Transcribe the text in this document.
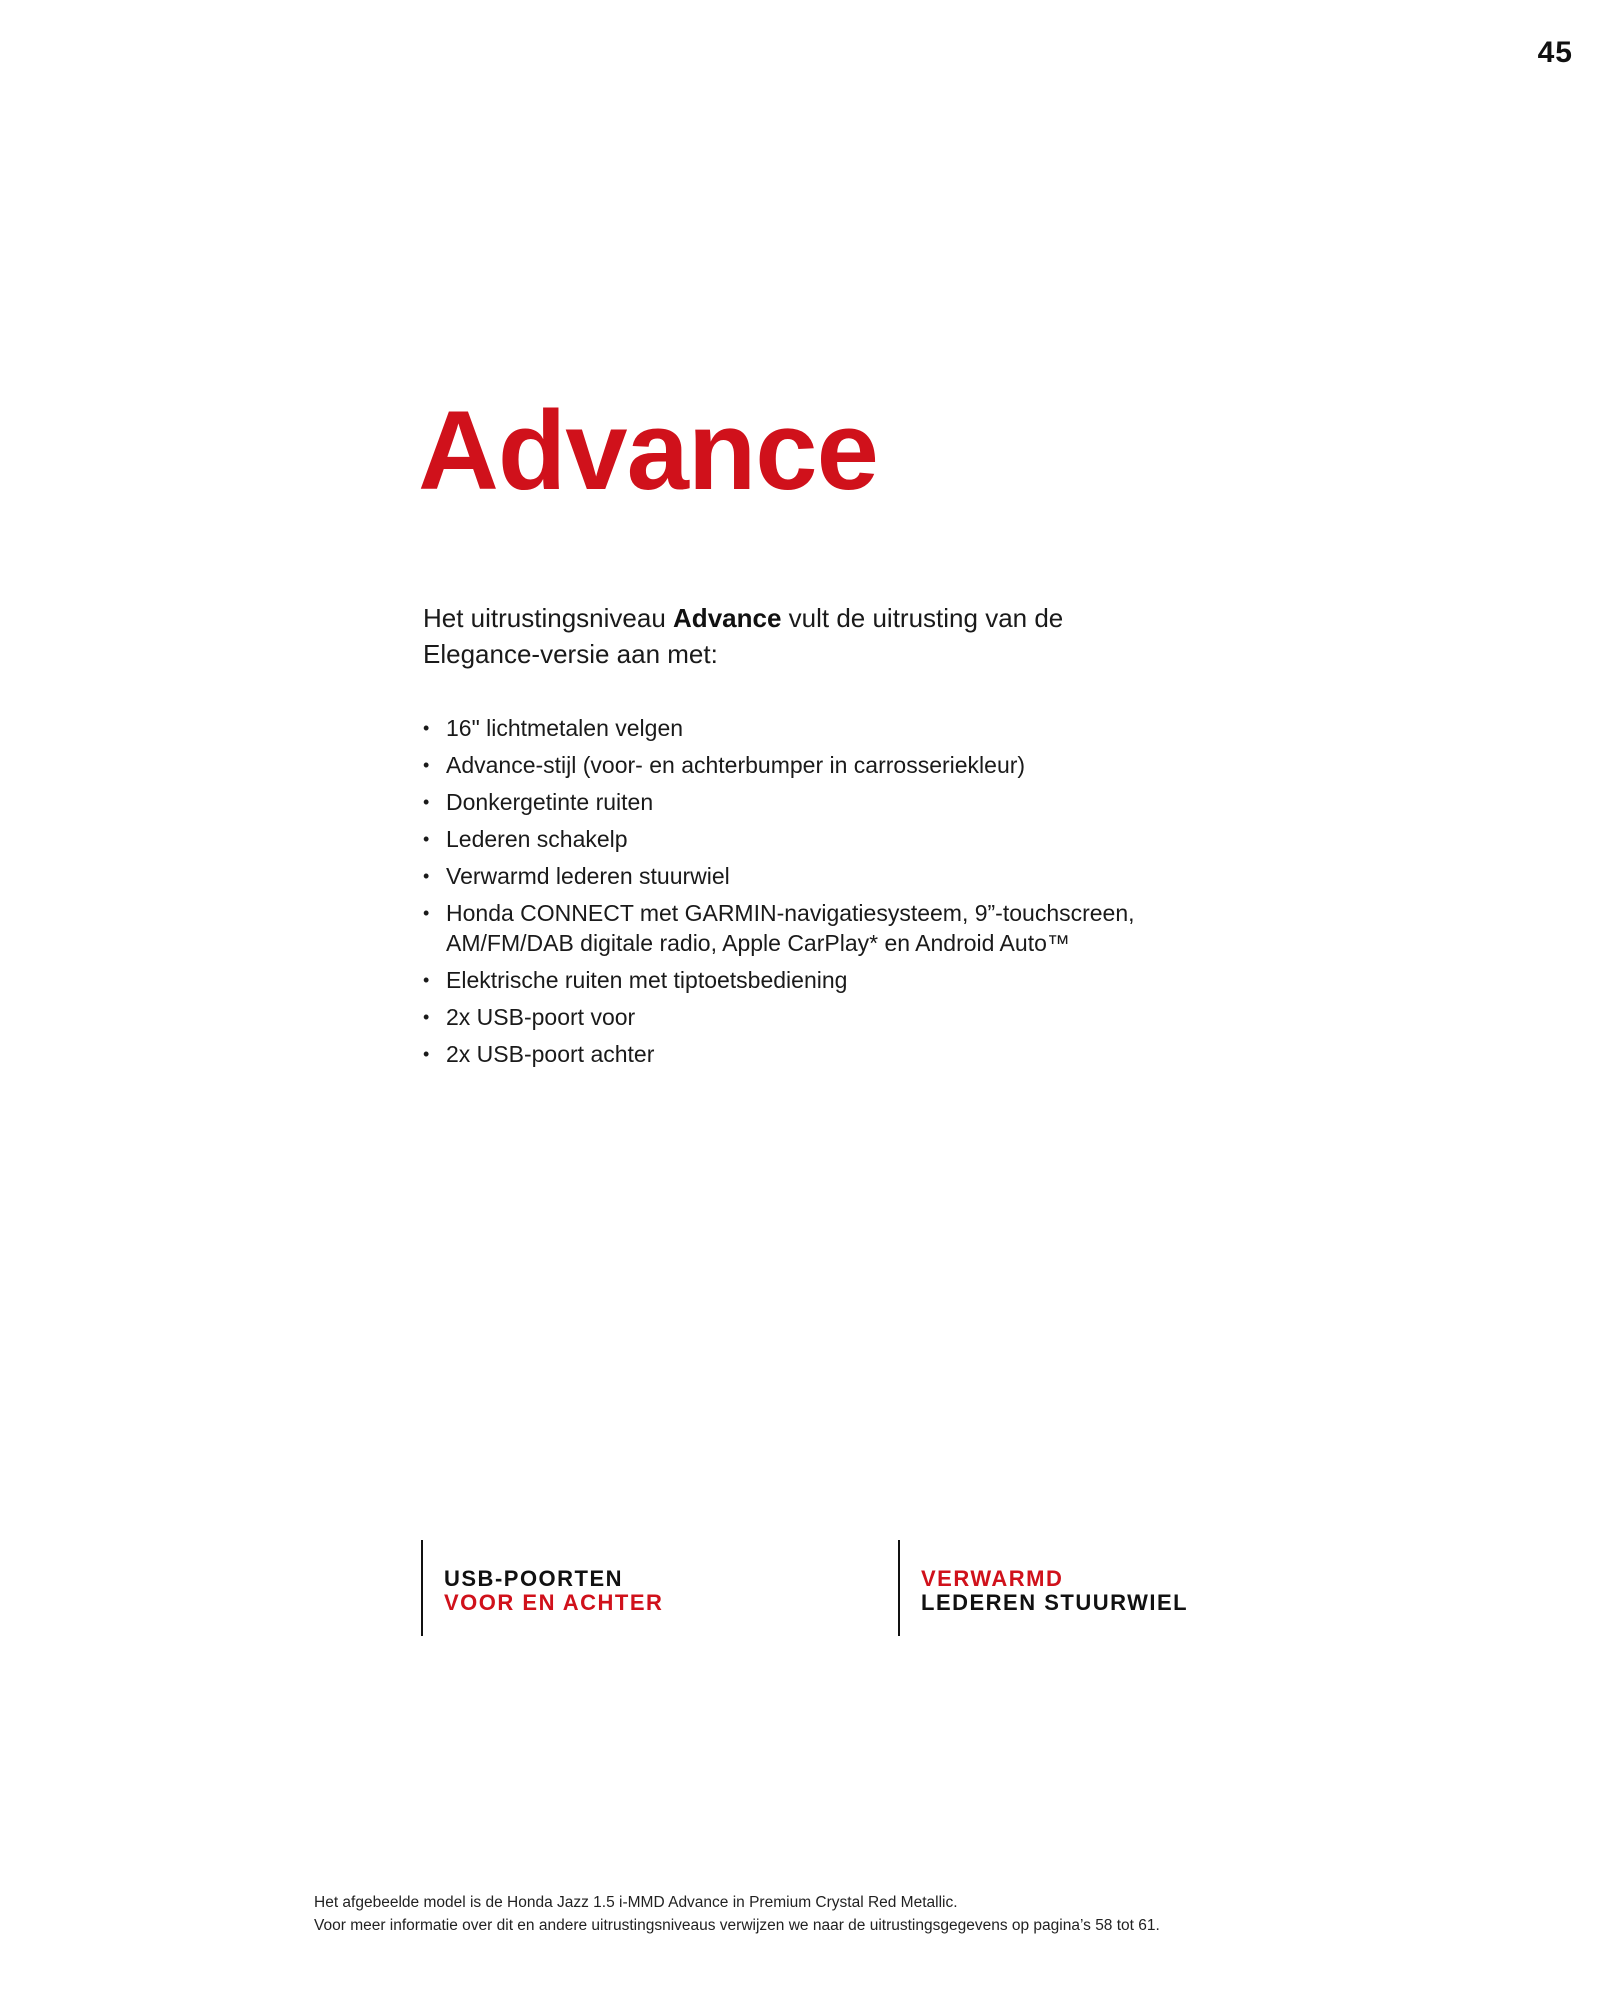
45
Advance

Het uitrustingsniveau Advance vult de uitrusting van de Elegance-versie aan met:

• 16" lichtmetalen velgen
• Advance-stijl (voor- en achterbumper in carrosseriekleur)
• Donkergetinte ruiten
• Lederen schakelp
• Verwarmd lederen stuurwiel
• Honda CONNECT met GARMIN-navigatiesysteem, 9”-touchscreen, AM/FM/DAB digitale radio, Apple CarPlay* en Android Auto™
• Elektrische ruiten met tiptoetsbediening
• 2x USB-poort voor
• 2x USB-poort achter
USB-POORTEN
VOOR EN ACHTER
VERWARMD
LEDEREN STUURWIEL
Het afgebeelde model is de Honda Jazz 1.5 i-MMD Advance in Premium Crystal Red Metallic.
Voor meer informatie over dit en andere uitrustingsniveaus verwijzen we naar de uitrustingsgegevens op pagina’s 58 tot 61.
